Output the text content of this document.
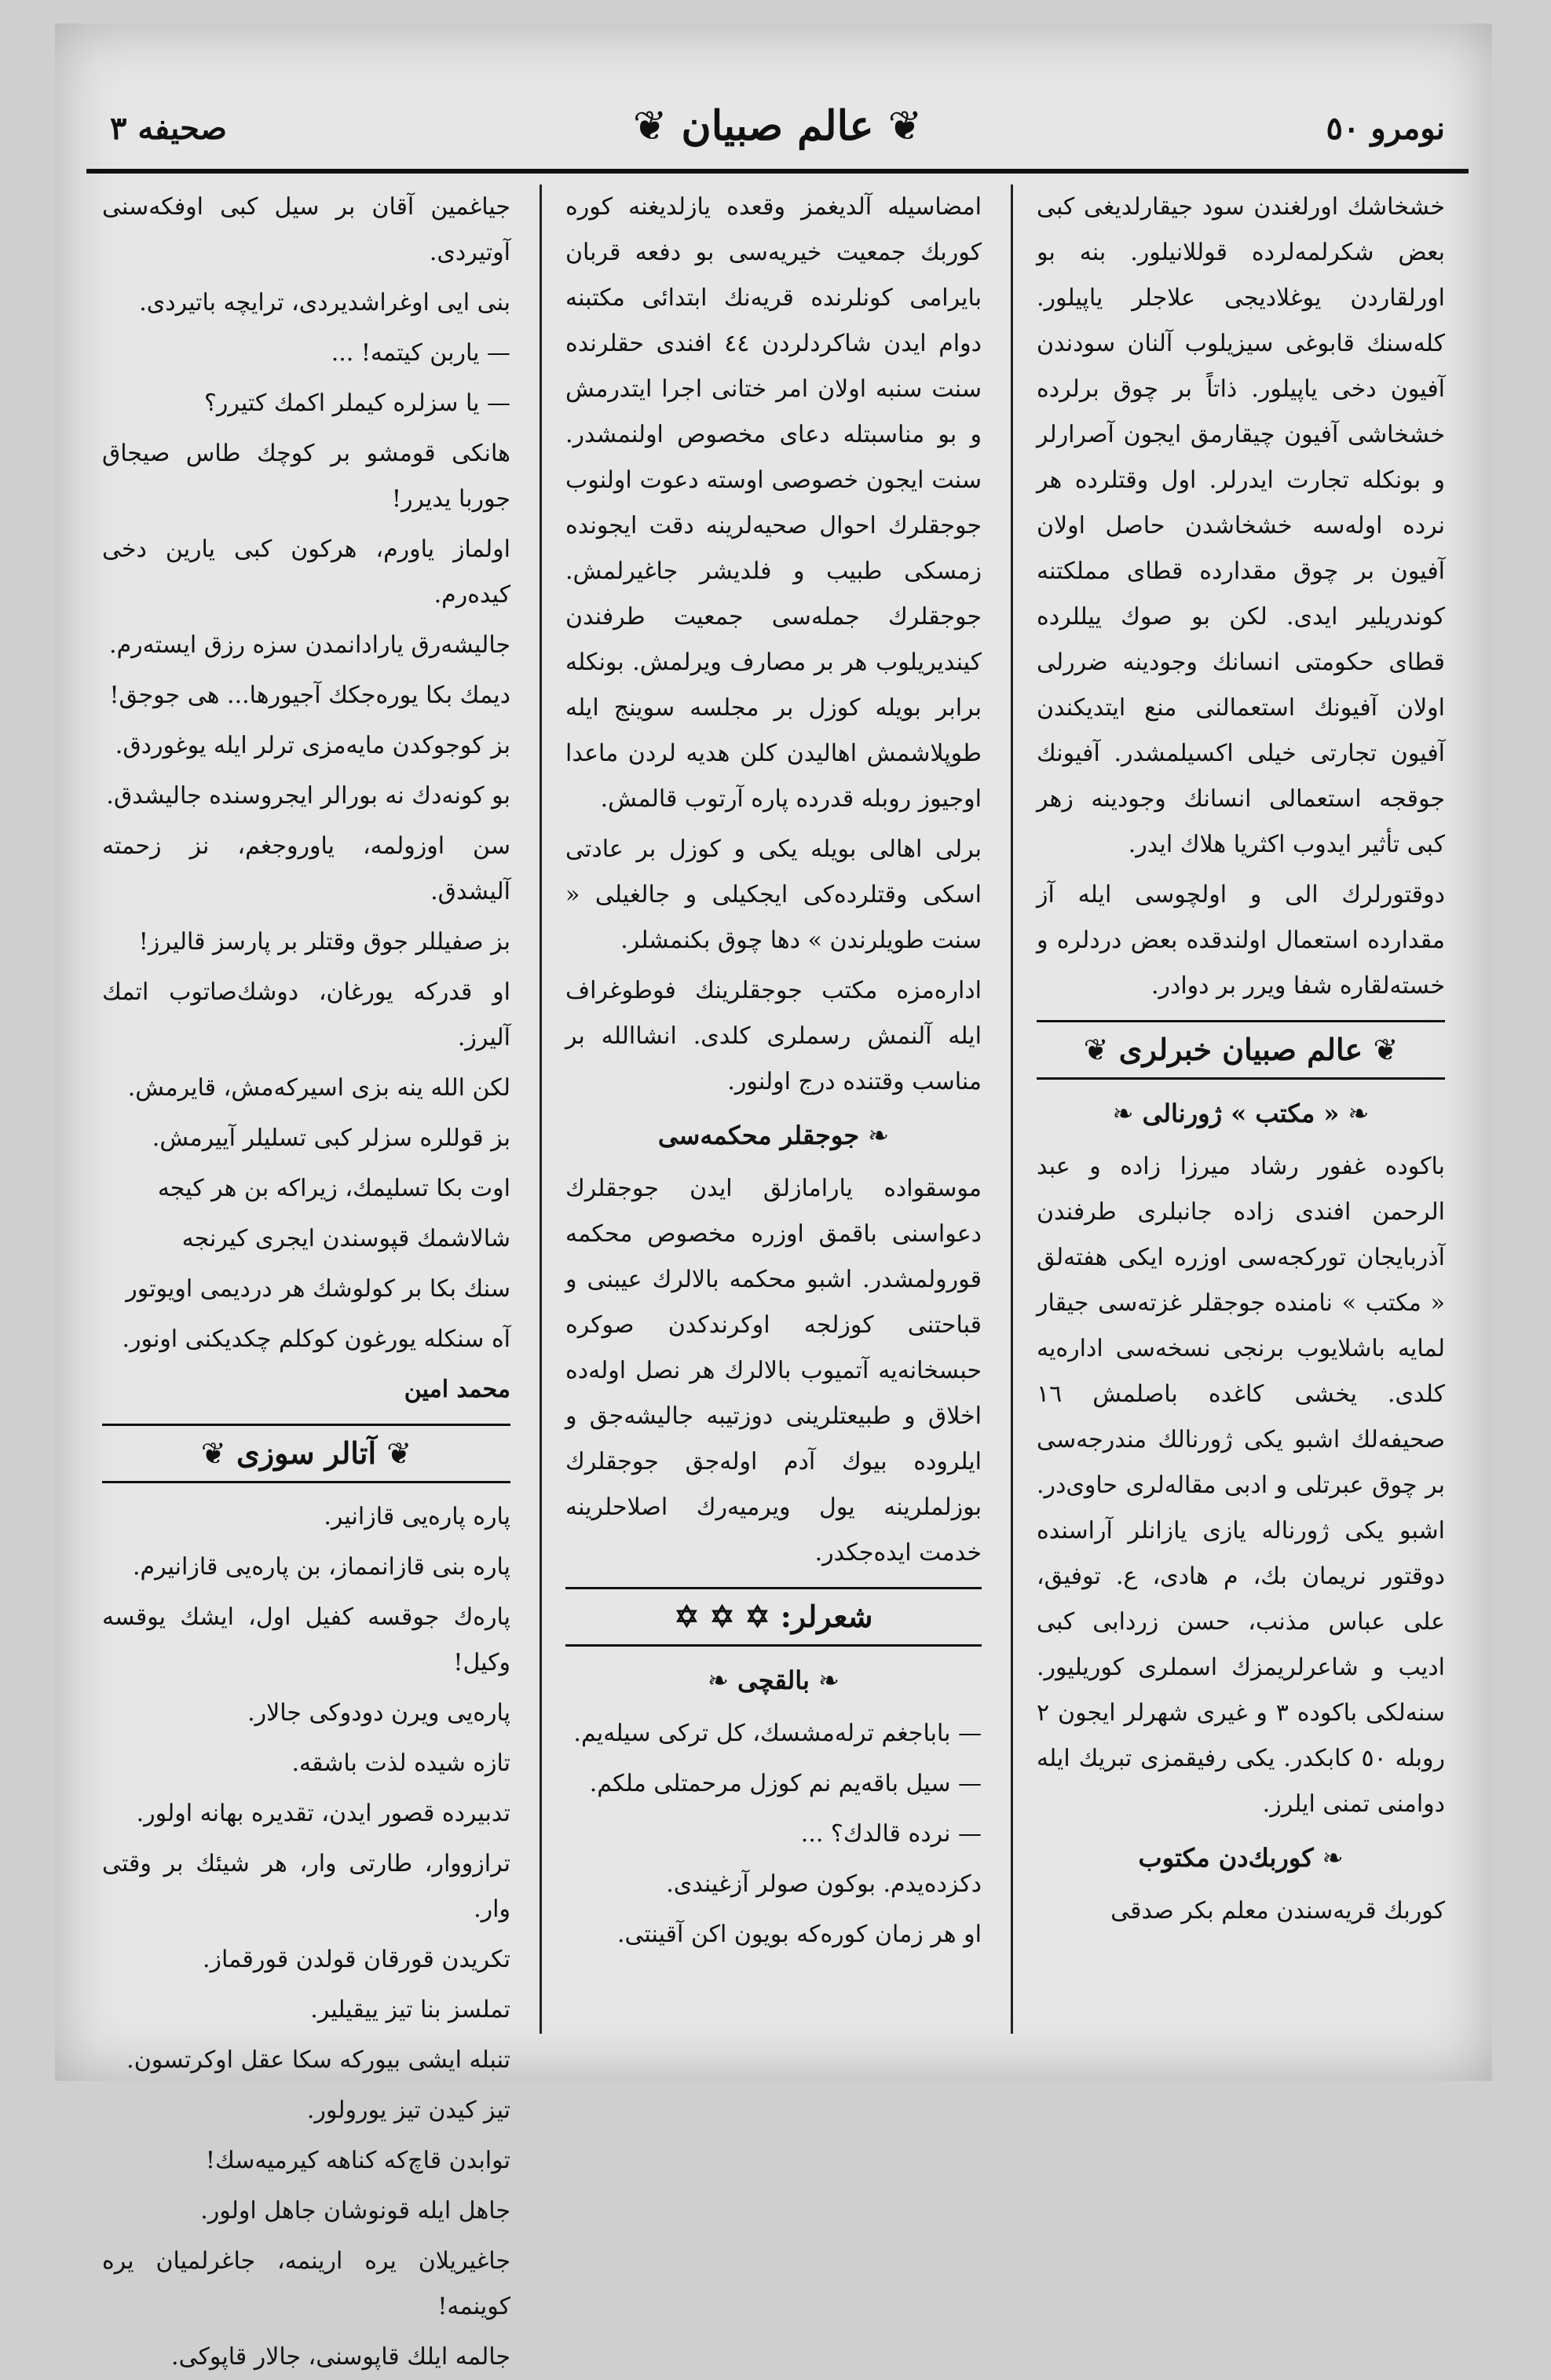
نومرو ٥٠
❦ عالم صبیان ❦
صحیفه ٣

خشخاشك اورلغندن سود جیقارلدیغی کبی بعض شکرلمه‌لرده قوللانیلور. بنه بو اورلقاردن یوغلادیجی علاجلر یاپیلور. کله‌سنك قابوغی سیزیلوب آلنان سودندن آفیون دخی یاپیلور. ذاتاً بر چوق برلرده خشخاشی آفیون چیقارمق ایجون آصرارلر و بونکله تجارت ایدرلر. اول وقتلرده هر نرده اوله‌سه خشخاشدن حاصل اولان آفیون بر چوق مقدارده قطای مملکتنه کوندریلیر ایدی. لکن بو صوك ییللرده قطای حکومتی انسانك وجودینه ضررلی اولان آفیونك استعمالنی منع ایتدیکندن آفیون تجارتی خیلی اکسیلمشدر. آفیونك جوقجه استعمالی انسانك وجودینه زهر کبی تأثیر ایدوب اکثریا هلاك ایدر.

دوقتورلرك الی و اولچوسی ایله آز مقدارده استعمال اولندقده بعض دردلره و خسته‌لقاره شفا ویرر بر دوادر.

❦ عالم صبیان خبرلری ❦
❧ « مکتب » ژورنالی ❧

باکوده غفور رشاد میرزا زاده و عبد الرحمن افندی زاده جانبلری طرفندن آذربایجان تورکجه‌سی اوزره ایکی هفته‌لق « مکتب » نامنده جوجقلر غزته‌سی جیقار لمایه باشلایوب برنجی نسخه‌سی اداره‌یه کلدی. یخشی کاغده باصلمش ١٦ صحیفه‌لك اشبو یکی ژورنالك مندرجه‌سی بر چوق عبرتلی و ادبی مقاله‌لری حاوی‌در. اشبو یکی ژورناله یازی یازانلر آراسنده دوقتور نریمان بك، م هادی، ع. توفیق، علی عباس مذنب، حسن زردابی کبی ادیب و شاعرلریمزك اسملری کوریلیور. سنه‌لکی باکوده ٣ و غیری شهرلر ایجون ٢ روبله ٥٠ کابکدر. یکی رفیقمزی تبریك ایله دوامنی تمنی ایلرز.

❧ کوربك‌دن مکتوب

کوربك قریه‌سندن معلم بکر صدقی

امضاسیله آلدیغمز وقعده یازلدیغنه کوره کوربك جمعیت خیریه‌سی بو دفعه قربان بایرامی کونلرنده قریه‌نك ابتدائی مکتبنه دوام ایدن شاکردلردن ٤٤ افندی حقلرنده سنت سنبه اولان امر ختانی اجرا ایتدرمش و بو مناسبتله دعای مخصوص اولنمشدر. سنت ایجون خصوصی اوسته دعوت اولنوب جوجقلرك احوال صحیه‌لرینه دقت ایجونده زمسکی طبیب و فلدیشر جاغیرلمش. جوجقلرك جمله‌سی جمعیت طرفندن کیندیریلوب هر بر مصارف ویرلمش. بونکله برابر بویله کوزل بر مجلسه سوینج ایله طوپلاشمش اهالیدن کلن هدیه لردن ماعدا اوجیوز روبله قدرده پاره آرتوب قالمش.

برلی اهالی بویله یکی و کوزل بر عادتی اسکی وقتلرده‌کی ایجکیلی و جالغیلی « سنت طویلرندن » دها چوق بکنمشلر.

اداره‌مزه مکتب جوجقلرینك فوطوغراف ایله آلنمش رسملری کلدی. انشاالله بر مناسب وقتنده درج اولنور.

❧ جوجقلر محکمه‌سی

موسقواده یارامازلق ایدن جوجقلرك دعواسنی باقمق اوزره مخصوص محکمه قورولمشدر. اشبو محکمه بالالرك عیبنی و قباحتنی کوزلجه اوکرندکدن صوکره حبسخانه‌یه آتمیوب بالالرك هر نصل اوله‌ده اخلاق و طبیعتلرینی دوزتیبه جالیشه‌جق و ایلروده بیوك آدم اوله‌جق جوجقلرك بوزلملرینه یول ویرمیه‌رك اصلاحلرینه خدمت ایده‌جکدر.

شعرلر: ✡ ✡ ✡
❧ بالقچی ❧

— باباجغم ترله‌مشسك، کل ترکی سیله‌یم.

— سیل باقه‌یم نم کوزل مرحمتلی ملکم.

— نرده قالدك؟ ...

دکزده‌یدم. بوکون صولر آزغیندی.

او هر زمان کوره‌که بویون اکن آقینتی.

جیاغمین آقان بر سیل کبی اوفکه‌سنی آوتیردی.

بنی ایی اوغراشدیردی، ترایچه باتیردی.

— یاربن کیتمه! ...

— یا سزلره کیملر اکمك کتیرر؟

هانکی قومشو بر کوچك طاس صیجاق جوربا یدیرر!

اولماز یاورم، هرکون کبی یارین دخی کیده‌رم.

جالیشه‌رق یارادانمدن سزه رزق ایسته‌رم.

دیمك بکا یوره‌جکك آجیورها... هی جوجق!

بز کوجوکدن مایه‌مزی ترلر ایله یوغوردق.

بو کونه‌دك نه بورالر ایجروسنده جالیشدق.

سن اوزولمه، یاوروجغم، نز زحمته آلیشدق.

بز صفیللر جوق وقتلر بر پارسز قالیرز!

او قدرکه یورغان، دوشك‌صاتوب اتمك آلیرز.

لکن الله ینه بزی اسیرکه‌مش، قایرمش.

بز قوللره سزلر کبی تسلیلر آییرمش.

اوت بکا تسلیمك، زیراکه بن هر کیجه

شالاشمك قپوسندن ایجری کیرنجه

سنك بکا بر کولوشك هر دردیمی اویوتور

آه سنکله یورغون کوکلم چکدیکنی اونور.

محمد امین

❦ آتالر سوزی ❦

پاره پاره‌یی قازانیر.

پاره بنی قازانمماز، بن پاره‌یی قازانیرم.

پاره‌ك جوقسه کفیل اول، ایشك یوقسه وکیل!

پاره‌یی ویرن دودوکی جالار.

تازه شیده لذت باشقه.

تدبیرده قصور ایدن، تقدیره بهانه اولور.

ترازووار، طارتی وار، هر شیئك بر وقتی وار.

تکریدن قورقان قولدن قورقماز.

تملسز بنا تیز ییقیلیر.

تنبله ایشی بیورکه سکا عقل اوکرتسون.

تیز کیدن تیز یورولور.

توابدن قاچ‌که کناهه کیرمیه‌سك!

جاهل ایله قونوشان جاهل اولور.

جاغیریلان یره ارینمه، جاغرلمیان یره کوینمه!

جالمه ایلك قاپوسنی، جالار قاپوکی.
